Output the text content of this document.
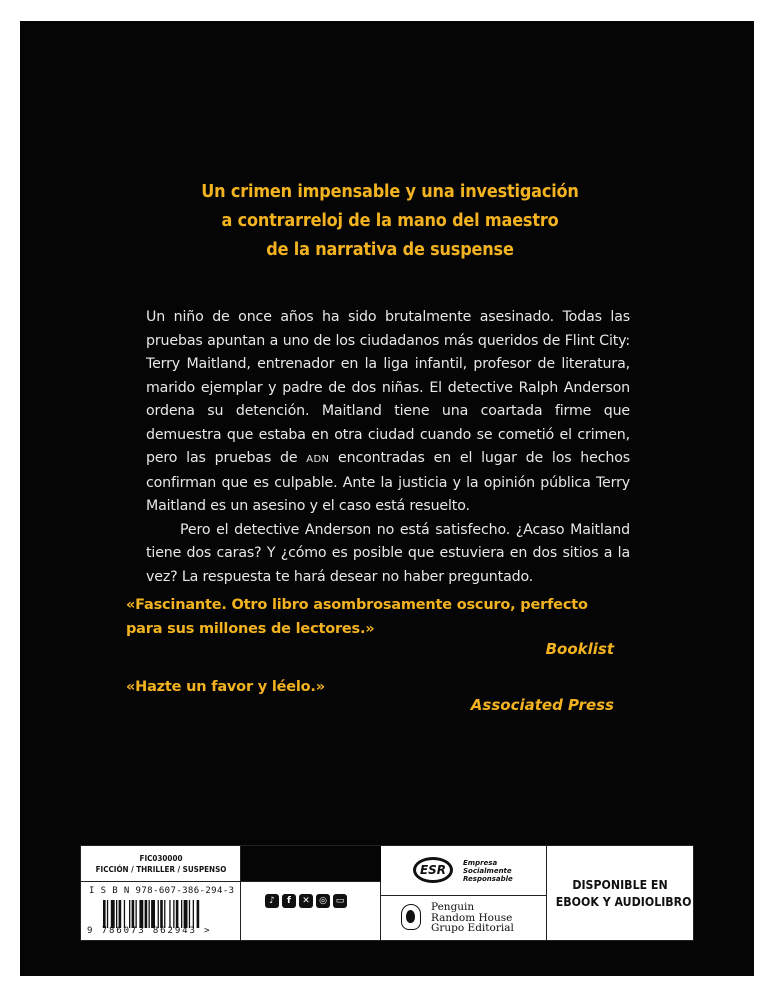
Un crimen impensable y una investigación
a contrarreloj de la mano del maestro
de la narrativa de suspense

Un niño de once años ha sido brutalmente asesinado. Todas las pruebas apuntan a uno de los ciudadanos más queridos de Flint City: Terry Maitland, entrenador en la liga infantil, profesor de literatura, marido ejemplar y padre de dos niñas. El detective Ralph Anderson ordena su detención. Maitland tiene una coartada firme que demuestra que estaba en otra ciudad cuando se cometió el crimen, pero las pruebas de ADN encontradas en el lugar de los hechos confirman que es culpable. Ante la justicia y la opinión pública Terry Maitland es un asesino y el caso está resuelto.

Pero el detective Anderson no está satisfecho. ¿Acaso Maitland tiene dos caras? Y ¿cómo es posible que estuviera en dos sitios a la vez? La respuesta te hará desear no haber preguntado.

«Fascinante. Otro libro asombrosamente oscuro, perfecto para sus millones de lectores.»
Booklist
«Hazte un favor y léelo.»
Associated Press
FIC030000
FICCIÓN / THRILLER / SUSPENSO
I S B N 978-607-386-294-3
9 786073 862943 >
♪	f	✕	◎ ▭
ESR	Empresa
Socialmente
Responsable
Penguin
Random House
Grupo Editorial
DISPONIBLE EN
EBOOK Y AUDIOLIBRO
